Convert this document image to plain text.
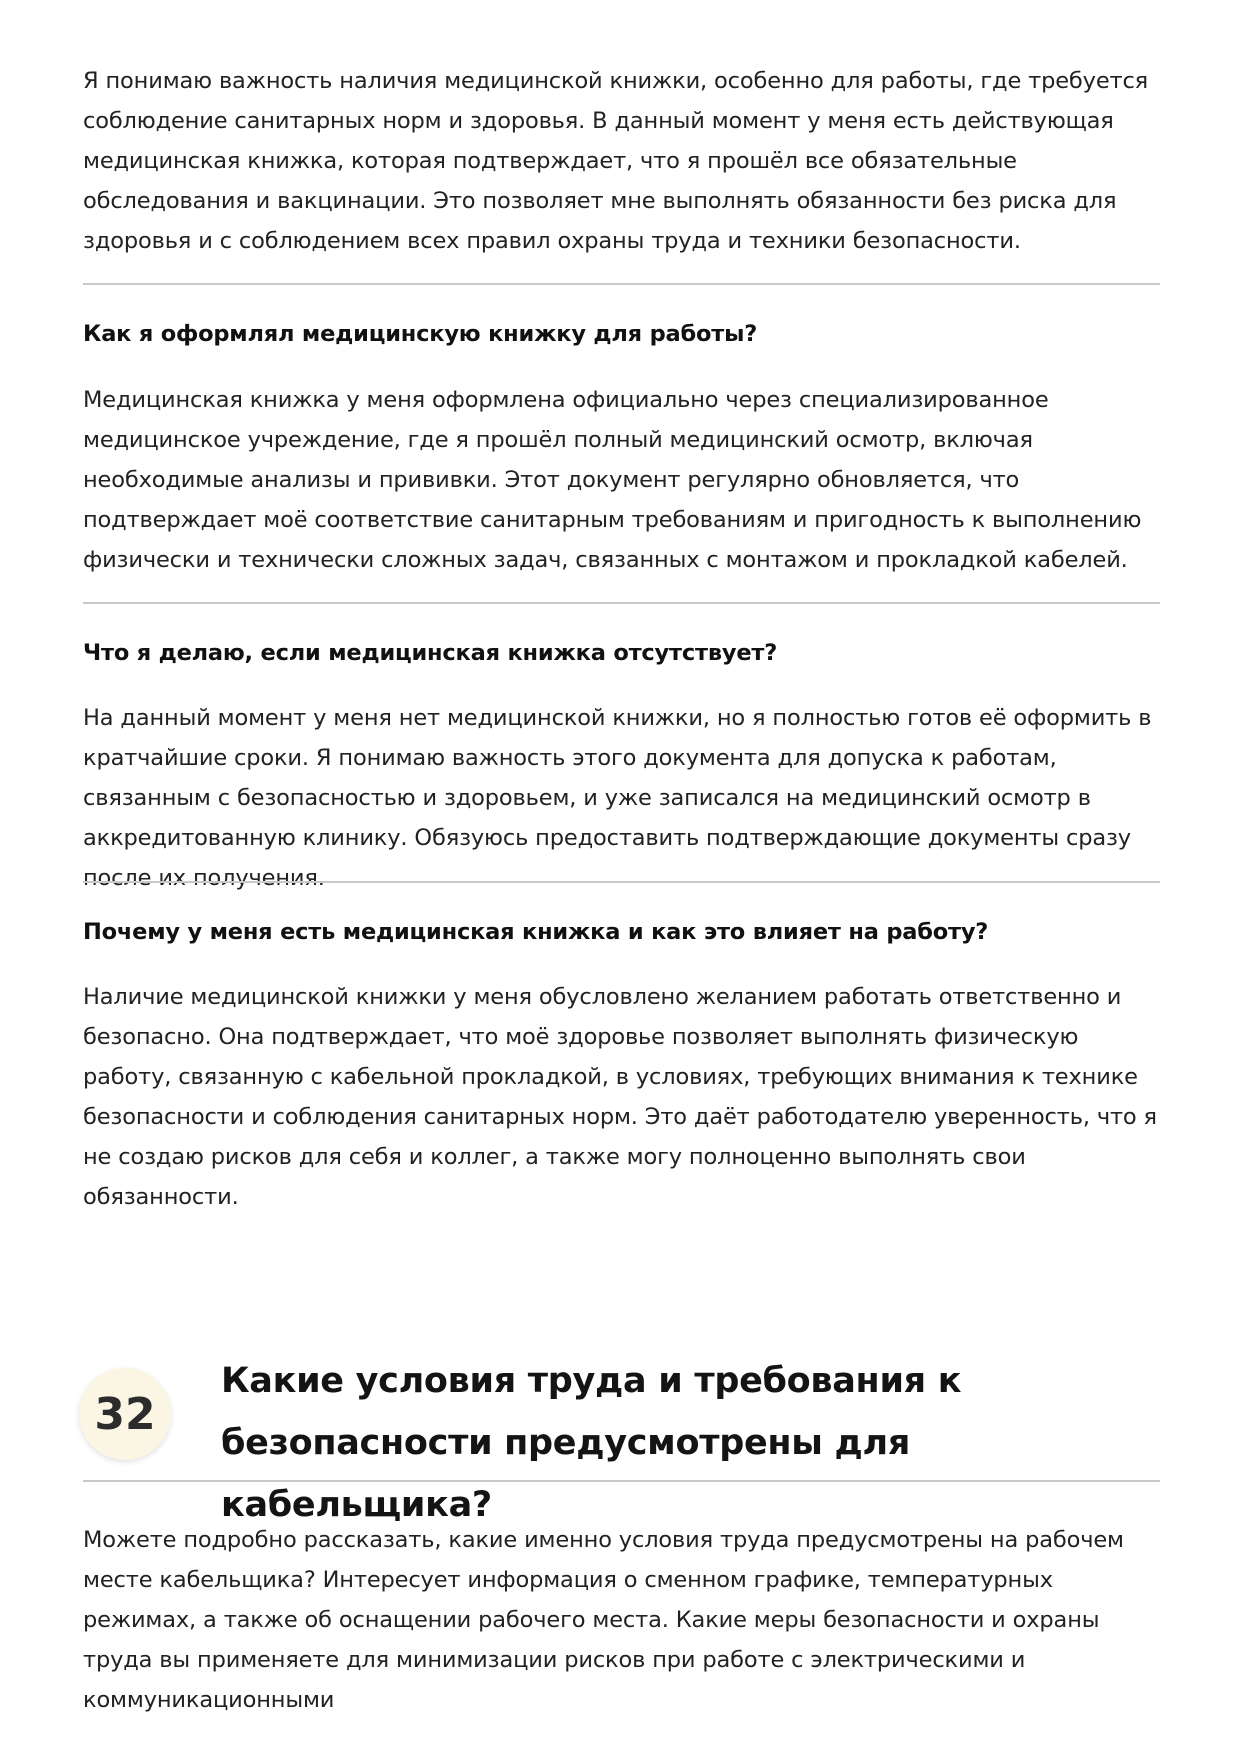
Я понимаю важность наличия медицинской книжки, особенно для работы, где требуется соблюдение санитарных норм и здоровья. В данный момент у меня есть действующая медицинская книжка, которая подтверждает, что я прошёл все обязательные обследования и вакцинации. Это позволяет мне выполнять обязанности без риска для здоровья и с соблюдением всех правил охраны труда и техники безопасности.

Как я оформлял медицинскую книжку для работы?

Медицинская книжка у меня оформлена официально через специализированное медицинское учреждение, где я прошёл полный медицинский осмотр, включая необходимые анализы и прививки. Этот документ регулярно обновляется, что подтверждает моё соответствие санитарным требованиям и пригодность к выполнению физически и технически сложных задач, связанных с монтажом и прокладкой кабелей.

Что я делаю, если медицинская книжка отсутствует?

На данный момент у меня нет медицинской книжки, но я полностью готов её оформить в кратчайшие сроки. Я понимаю важность этого документа для допуска к работам, связанным с безопасностью и здоровьем, и уже записался на медицинский осмотр в аккредитованную клинику. Обязуюсь предоставить подтверждающие документы сразу после их получения.

Почему у меня есть медицинская книжка и как это влияет на работу?

Наличие медицинской книжки у меня обусловлено желанием работать ответственно и безопасно. Она подтверждает, что моё здоровье позволяет выполнять физическую работу, связанную с кабельной прокладкой, в условиях, требующих внимания к технике безопасности и соблюдения санитарных норм. Это даёт работодателю уверенность, что я не создаю рисков для себя и коллег, а также могу полноценно выполнять свои обязанности.

32
Какие условия труда и требования к безопасности предусмотрены для кабельщика?

Можете подробно рассказать, какие именно условия труда предусмотрены на рабочем месте кабельщика? Интересует информация о сменном графике, температурных режимах, а также об оснащении рабочего места. Какие меры безопасности и охраны труда вы применяете для минимизации рисков при работе с электрическими и коммуникационными
